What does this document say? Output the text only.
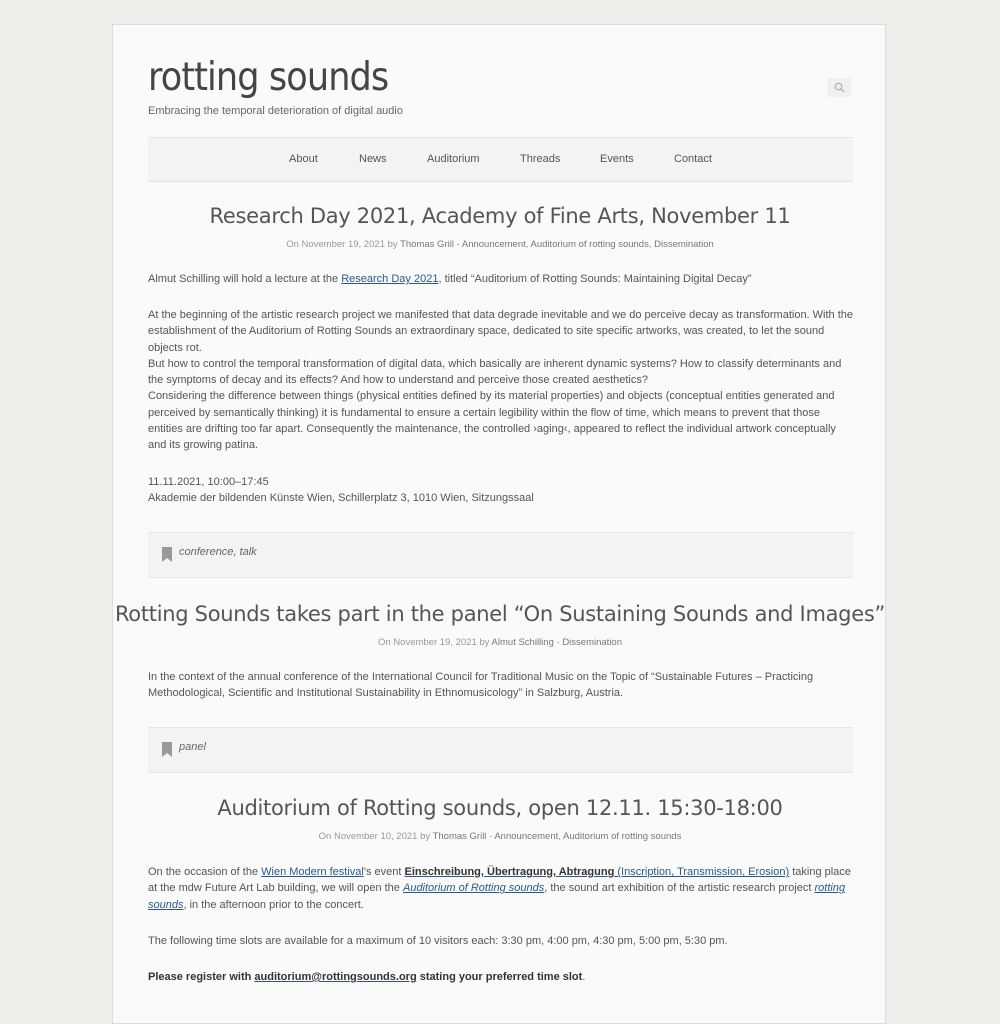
rotting sounds

Embracing the temporal deterioration of digital audio

About	News	Auditorium	Threads	Events	Contact
Research Day 2021, Academy of Fine Arts, November 11

On November 19, 2021 by Thomas Grill - Announcement, Auditorium of rotting sounds, Dissemination

Almut Schilling will hold a lecture at the Research Day 2021, titled “Auditorium of Rotting Sounds: Maintaining Digital Decay”

At the beginning of the artistic research project we manifested that data degrade inevitable and we do perceive decay as transformation. With the establishment of the Auditorium of Rotting Sounds an extraordinary space, dedicated to site specific artworks, was created, to let the sound objects rot.
But how to control the temporal transformation of digital data, which basically are inherent dynamic systems? How to classify determinants and the symptoms of decay and its effects? And how to understand and perceive those created aesthetics?
Considering the difference between things (physical entities defined by its material properties) and objects (conceptual entities generated and perceived by semantically thinking) it is fundamental to ensure a certain legibility within the flow of time, which means to prevent that those entities are drifting too far apart. Consequently the maintenance, the controlled ›aging‹, appeared to reflect the individual artwork conceptually and its growing patina.

11.11.2021, 10:00–17:45
Akademie der bildenden Künste Wien, Schillerplatz 3, 1010 Wien, Sitzungssaal

conference, talk
Rotting Sounds takes part in the panel “On Sustaining Sounds and Images”

On November 19, 2021 by Almut Schilling - Dissemination

In the context of the annual conference of the International Council for Traditional Music on the Topic of “Sustainable Futures – Practicing Methodological, Scientific and Institutional Sustainability in Ethnomusicology” in Salzburg, Austria.

panel
Auditorium of Rotting sounds, open 12.11. 15:30-18:00

On November 10, 2021 by Thomas Grill - Announcement, Auditorium of rotting sounds

On the occasion of the Wien Modern festival's event Einschreibung, Übertragung, Abtragung (Inscription, Transmission, Erosion) taking place at the mdw Future Art Lab building, we will open the Auditorium of Rotting sounds, the sound art exhibition of the artistic research project rotting sounds, in the afternoon prior to the concert.

The following time slots are available for a maximum of 10 visitors each: 3:30 pm, 4:00 pm, 4:30 pm, 5:00 pm, 5:30 pm.

Please register with auditorium@rottingsounds.org stating your preferred time slot.
